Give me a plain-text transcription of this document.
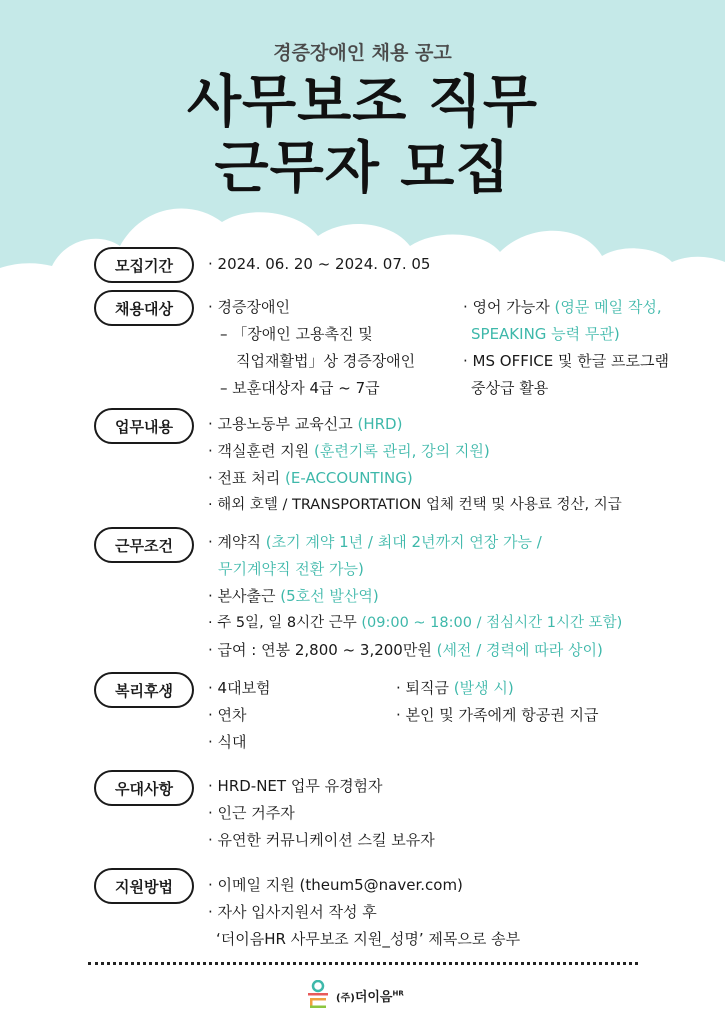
경증장애인 채용 공고
사무보조 직무
근무자 모집
모집기간	· 2024. 06. 20 ~ 2024. 07. 05
채용대상	· 경증장애인
– 「장애인 고용촉진 및
직업재활법」상 경증장애인
– 보훈대상자 4급 ~ 7급
· 영어 가능자 (영문 메일 작성,
SPEAKING 능력 무관)
· MS OFFICE 및 한글 프로그램
중상급 활용
업무내용	· 고용노동부 교육신고 (HRD)
· 객실훈련 지원 (훈련기록 관리, 강의 지원)
· 전표 처리 (E-ACCOUNTING)
· 해외 호텔 / TRANSPORTATION 업체 컨택 및 사용료 정산, 지급
근무조건	· 계약직 (초기 계약 1년 / 최대 2년까지 연장 가능 /
무기계약직 전환 가능)
· 본사출근 (5호선 발산역)
· 주 5일, 일 8시간 근무 (09:00 ~ 18:00 / 점심시간 1시간 포함)
· 급여 : 연봉 2,800 ~ 3,200만원 (세전 / 경력에 따라 상이)
복리후생	· 4대보험
· 연차
· 식대
· 퇴직금 (발생 시)
· 본인 및 가족에게 항공권 지급
우대사항	· HRD-NET 업무 유경험자
· 인근 거주자
· 유연한 커뮤니케이션 스킬 보유자
지원방법	· 이메일 지원 (theum5@naver.com)
· 자사 입사지원서 작성 후
‘더이음HR 사무보조 지원_성명’ 제목으로 송부
(주)더이음$^{HR}$
